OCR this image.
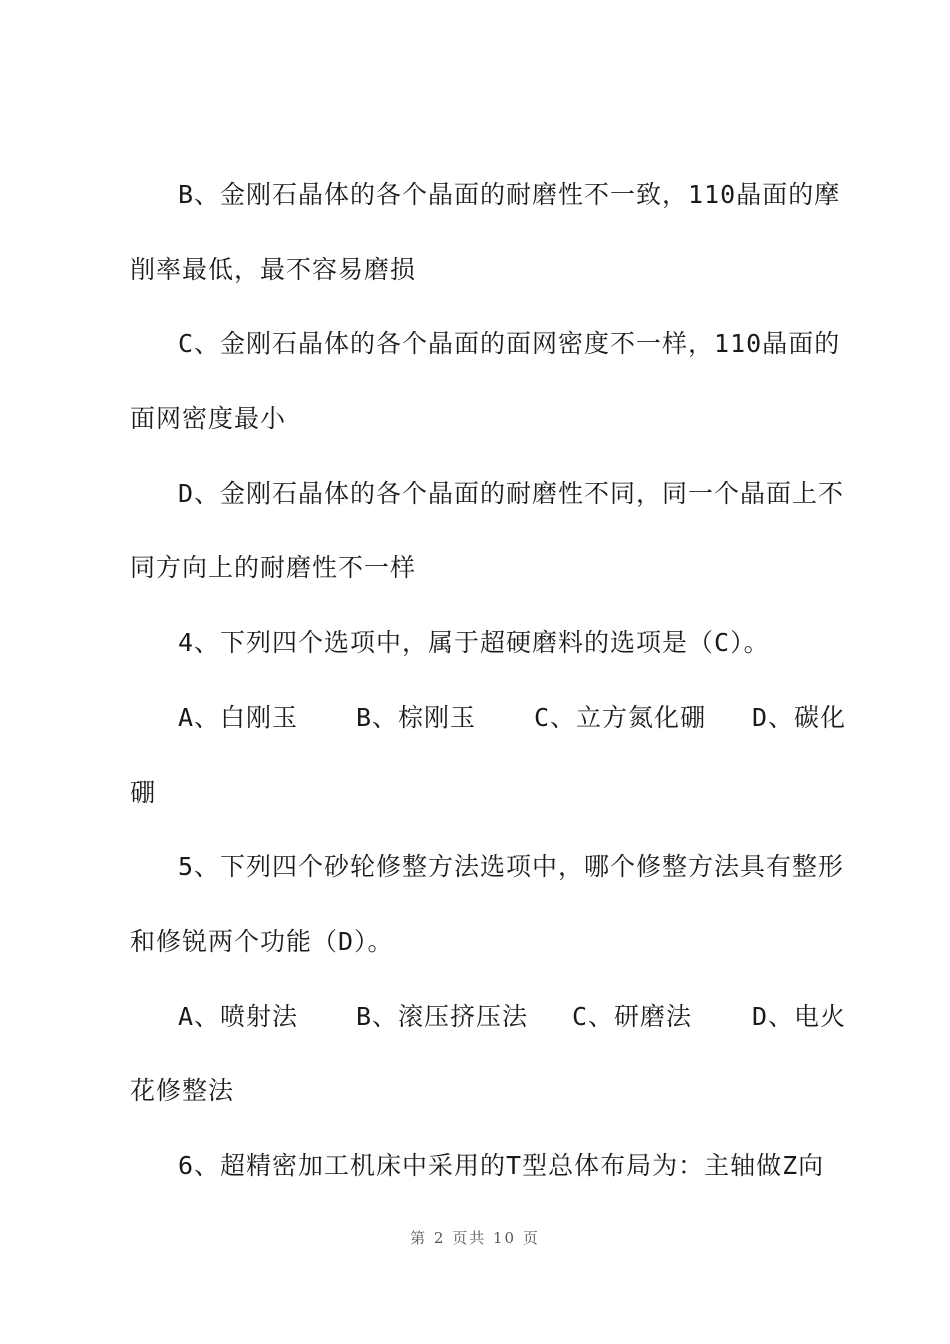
B、金刚石晶体的各个晶面的耐磨性不一致，110晶面的摩
削率最低，最不容易磨损
C、金刚石晶体的各个晶面的面网密度不一样，110晶面的
面网密度最小
D、金刚石晶体的各个晶面的耐磨性不同，同一个晶面上不
同方向上的耐磨性不一样
4、下列四个选项中，属于超硬磨料的选项是（C）。
A、白刚玉 B、棕刚玉 C、立方氮化硼 D、碳化
硼
5、下列四个砂轮修整方法选项中，哪个修整方法具有整形
和修锐两个功能（D）。
A、喷射法 B、滚压挤压法 C、研磨法 D、电火
花修整法
6、超精密加工机床中采用的T型总体布局为：主轴做Z向
第 2 页共 10 页
